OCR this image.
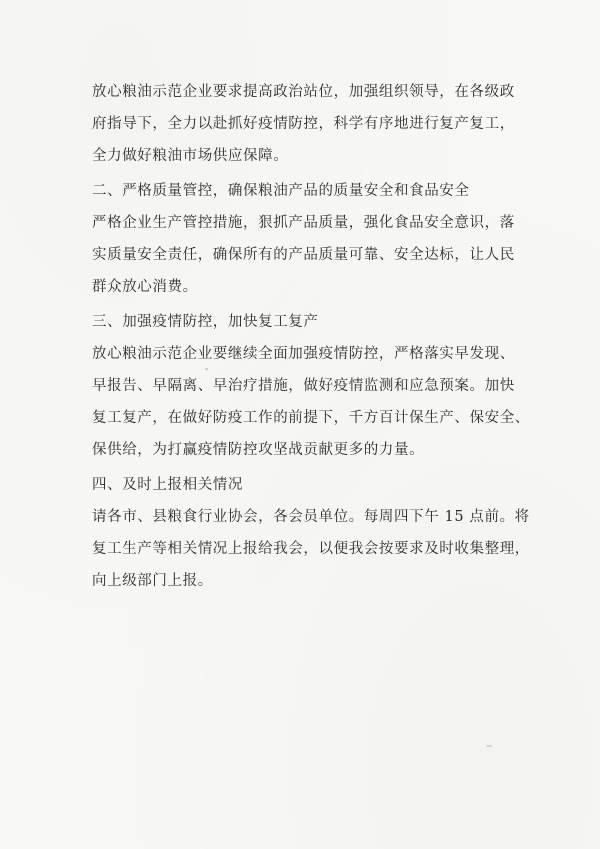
放心粮油示范企业要求提高政治站位，加强组织领导，在各级政

府指导下，全力以赴抓好疫情防控，科学有序地进行复产复工，

全力做好粮油市场供应保障。

二、严格质量管控，确保粮油产品的质量安全和食品安全

严格企业生产管控措施，狠抓产品质量，强化食品安全意识，落

实质量安全责任，确保所有的产品质量可靠、安全达标，让人民

群众放心消费。

三、加强疫情防控，加快复工复产

放心粮油示范企业要继续全面加强疫情防控，严格落实早发现、

早报告、早隔离、早治疗措施，做好疫情监测和应急预案。加快

复工复产，在做好防疫工作的前提下，千方百计保生产、保安全、

保供给，为打赢疫情防控攻坚战贡献更多的力量。

四、及时上报相关情况

请各市、县粮食行业协会，各会员单位。每周四下午 15 点前。将

复工生产等相关情况上报给我会，以便我会按要求及时收集整理，

向上级部门上报。
